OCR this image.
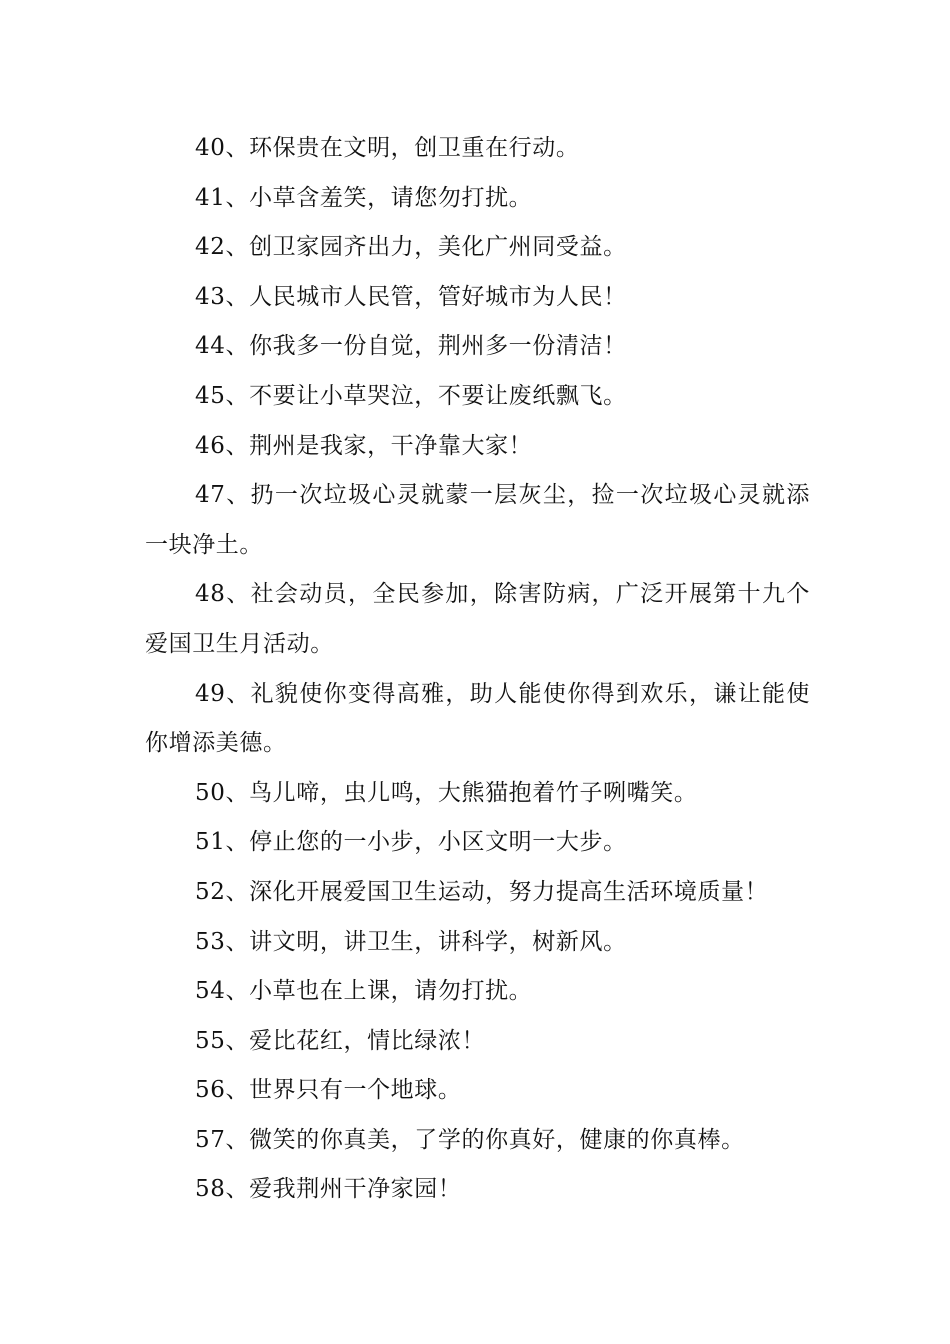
40、环保贵在文明，创卫重在行动。

41、小草含羞笑，请您勿打扰。

42、创卫家园齐出力，美化广州同受益。

43、人民城市人民管，管好城市为人民！

44、你我多一份自觉，荆州多一份清洁！

45、不要让小草哭泣，不要让废纸飘飞。

46、荆州是我家，干净靠大家！

47、扔一次垃圾心灵就蒙一层灰尘，捡一次垃圾心灵就添一块净土。

48、社会动员，全民参加，除害防病，广泛开展第十九个爱国卫生月活动。

49、礼貌使你变得高雅，助人能使你得到欢乐，谦让能使你增添美德。

50、鸟儿啼，虫儿鸣，大熊猫抱着竹子咧嘴笑。

51、停止您的一小步，小区文明一大步。

52、深化开展爱国卫生运动，努力提高生活环境质量！

53、讲文明，讲卫生，讲科学，树新风。

54、小草也在上课，请勿打扰。

55、爱比花红，情比绿浓！

56、世界只有一个地球。

57、微笑的你真美，了学的你真好，健康的你真棒。

58、爱我荆州干净家园！
